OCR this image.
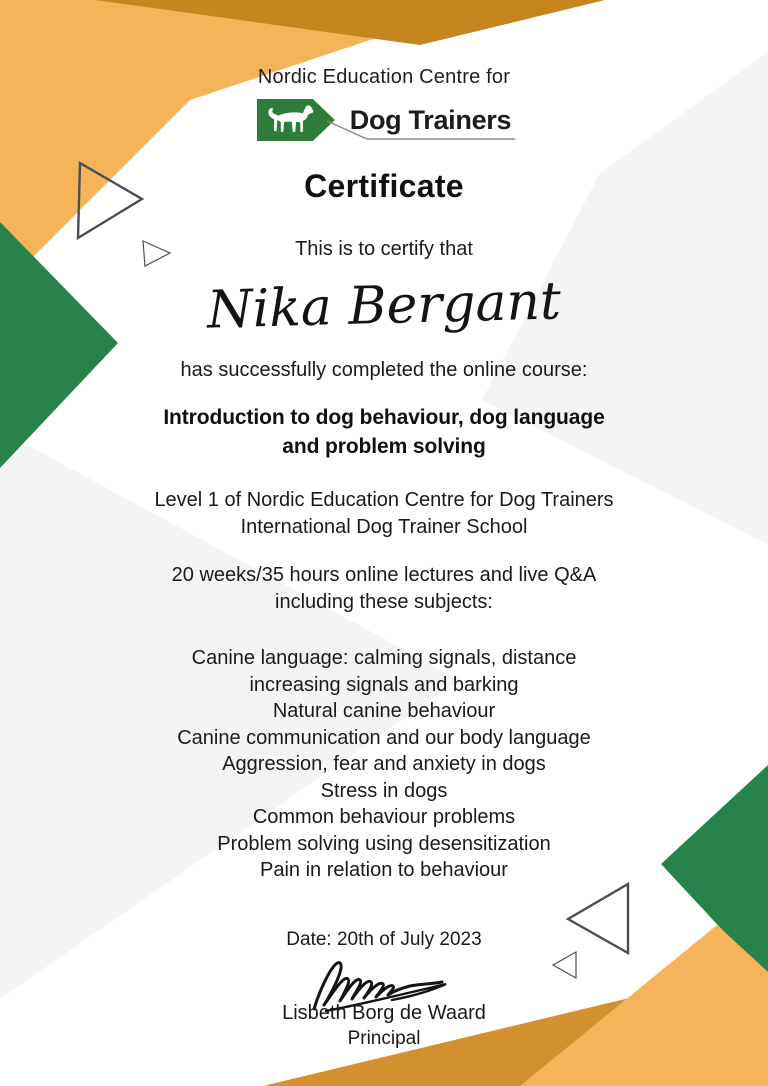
Nordic Education Centre for
Dog Trainers
Certificate
This is to certify that
Nika Bergant
has successfully completed the online course:
Introduction to dog behaviour, dog language
and problem solving
Level 1 of Nordic Education Centre for Dog Trainers
International Dog Trainer School
20 weeks/35 hours online lectures and live Q&A
including these subjects:
Canine language: calming signals, distance
increasing signals and barking
Natural canine behaviour
Canine communication and our body language
Aggression, fear and anxiety in dogs
Stress in dogs
Common behaviour problems
Problem solving using desensitization
Pain in relation to behaviour
Date: 20th of July 2023
Lisbeth Borg de Waard
Principal
